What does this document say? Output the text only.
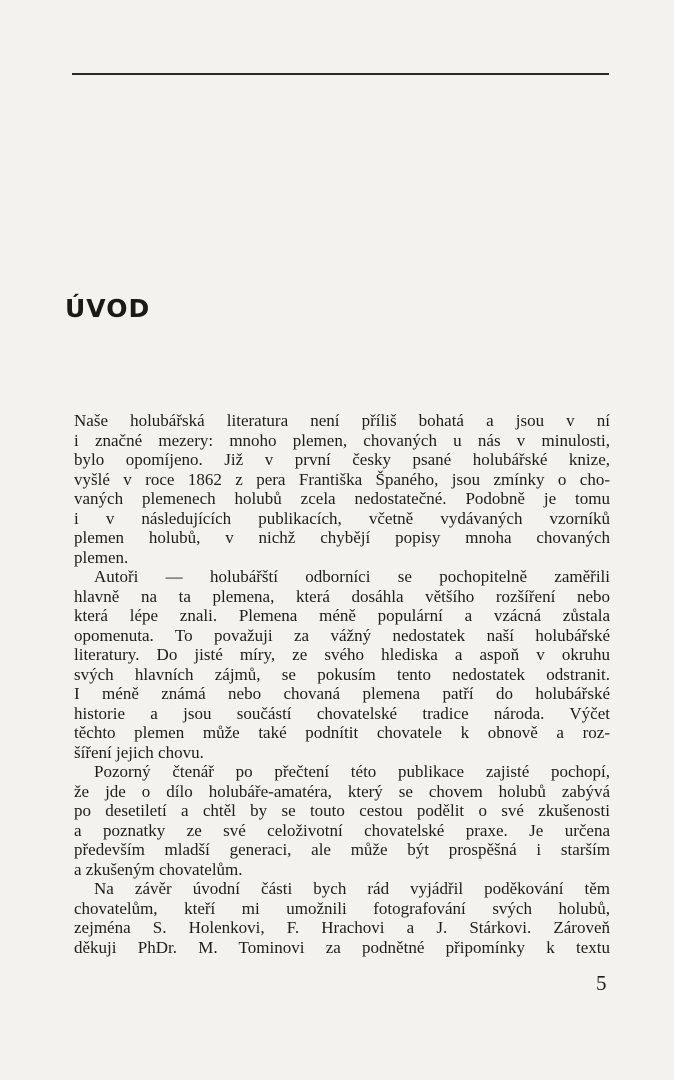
ÚVOD
Naše holubářská literatura není příliš bohatá a jsou v ní
i značné mezery: mnoho plemen, chovaných u nás v minulosti,
bylo opomíjeno. Již v první česky psané holubářské knize,
vyšlé v roce 1862 z pera Františka Španého, jsou zmínky o cho-
vaných plemenech holubů zcela nedostatečné. Podobně je tomu
i v následujících publikacích, včetně vydávaných vzorníků
plemen holubů, v nichž chybějí popisy mnoha chovaných
plemen.
Autoři — holubářští odborníci se pochopitelně zaměřili
hlavně na ta plemena, která dosáhla většího rozšíření nebo
která lépe znali. Plemena méně populární a vzácná zůstala
opomenuta. To považuji za vážný nedostatek naší holubářské
literatury. Do jisté míry, ze svého hlediska a aspoň v okruhu
svých hlavních zájmů, se pokusím tento nedostatek odstranit.
I méně známá nebo chovaná plemena patří do holubářské
historie a jsou součástí chovatelské tradice národa. Výčet
těchto plemen může také podnítit chovatele k obnově a roz-
šíření jejich chovu.
Pozorný čtenář po přečtení této publikace zajisté pochopí,
že jde o dílo holubáře-amatéra, který se chovem holubů zabývá
po desetiletí a chtěl by se touto cestou podělit o své zkušenosti
a poznatky ze své celoživotní chovatelské praxe. Je určena
především mladší generaci, ale může být prospěšná i starším
a zkušeným chovatelům.
Na závěr úvodní části bych rád vyjádřil poděkování těm
chovatelům, kteří mi umožnili fotografování svých holubů,
zejména S. Holenkovi, F. Hrachovi a J. Stárkovi. Zároveň
děkuji PhDr. M. Tominovi za podnětné připomínky k textu
5
